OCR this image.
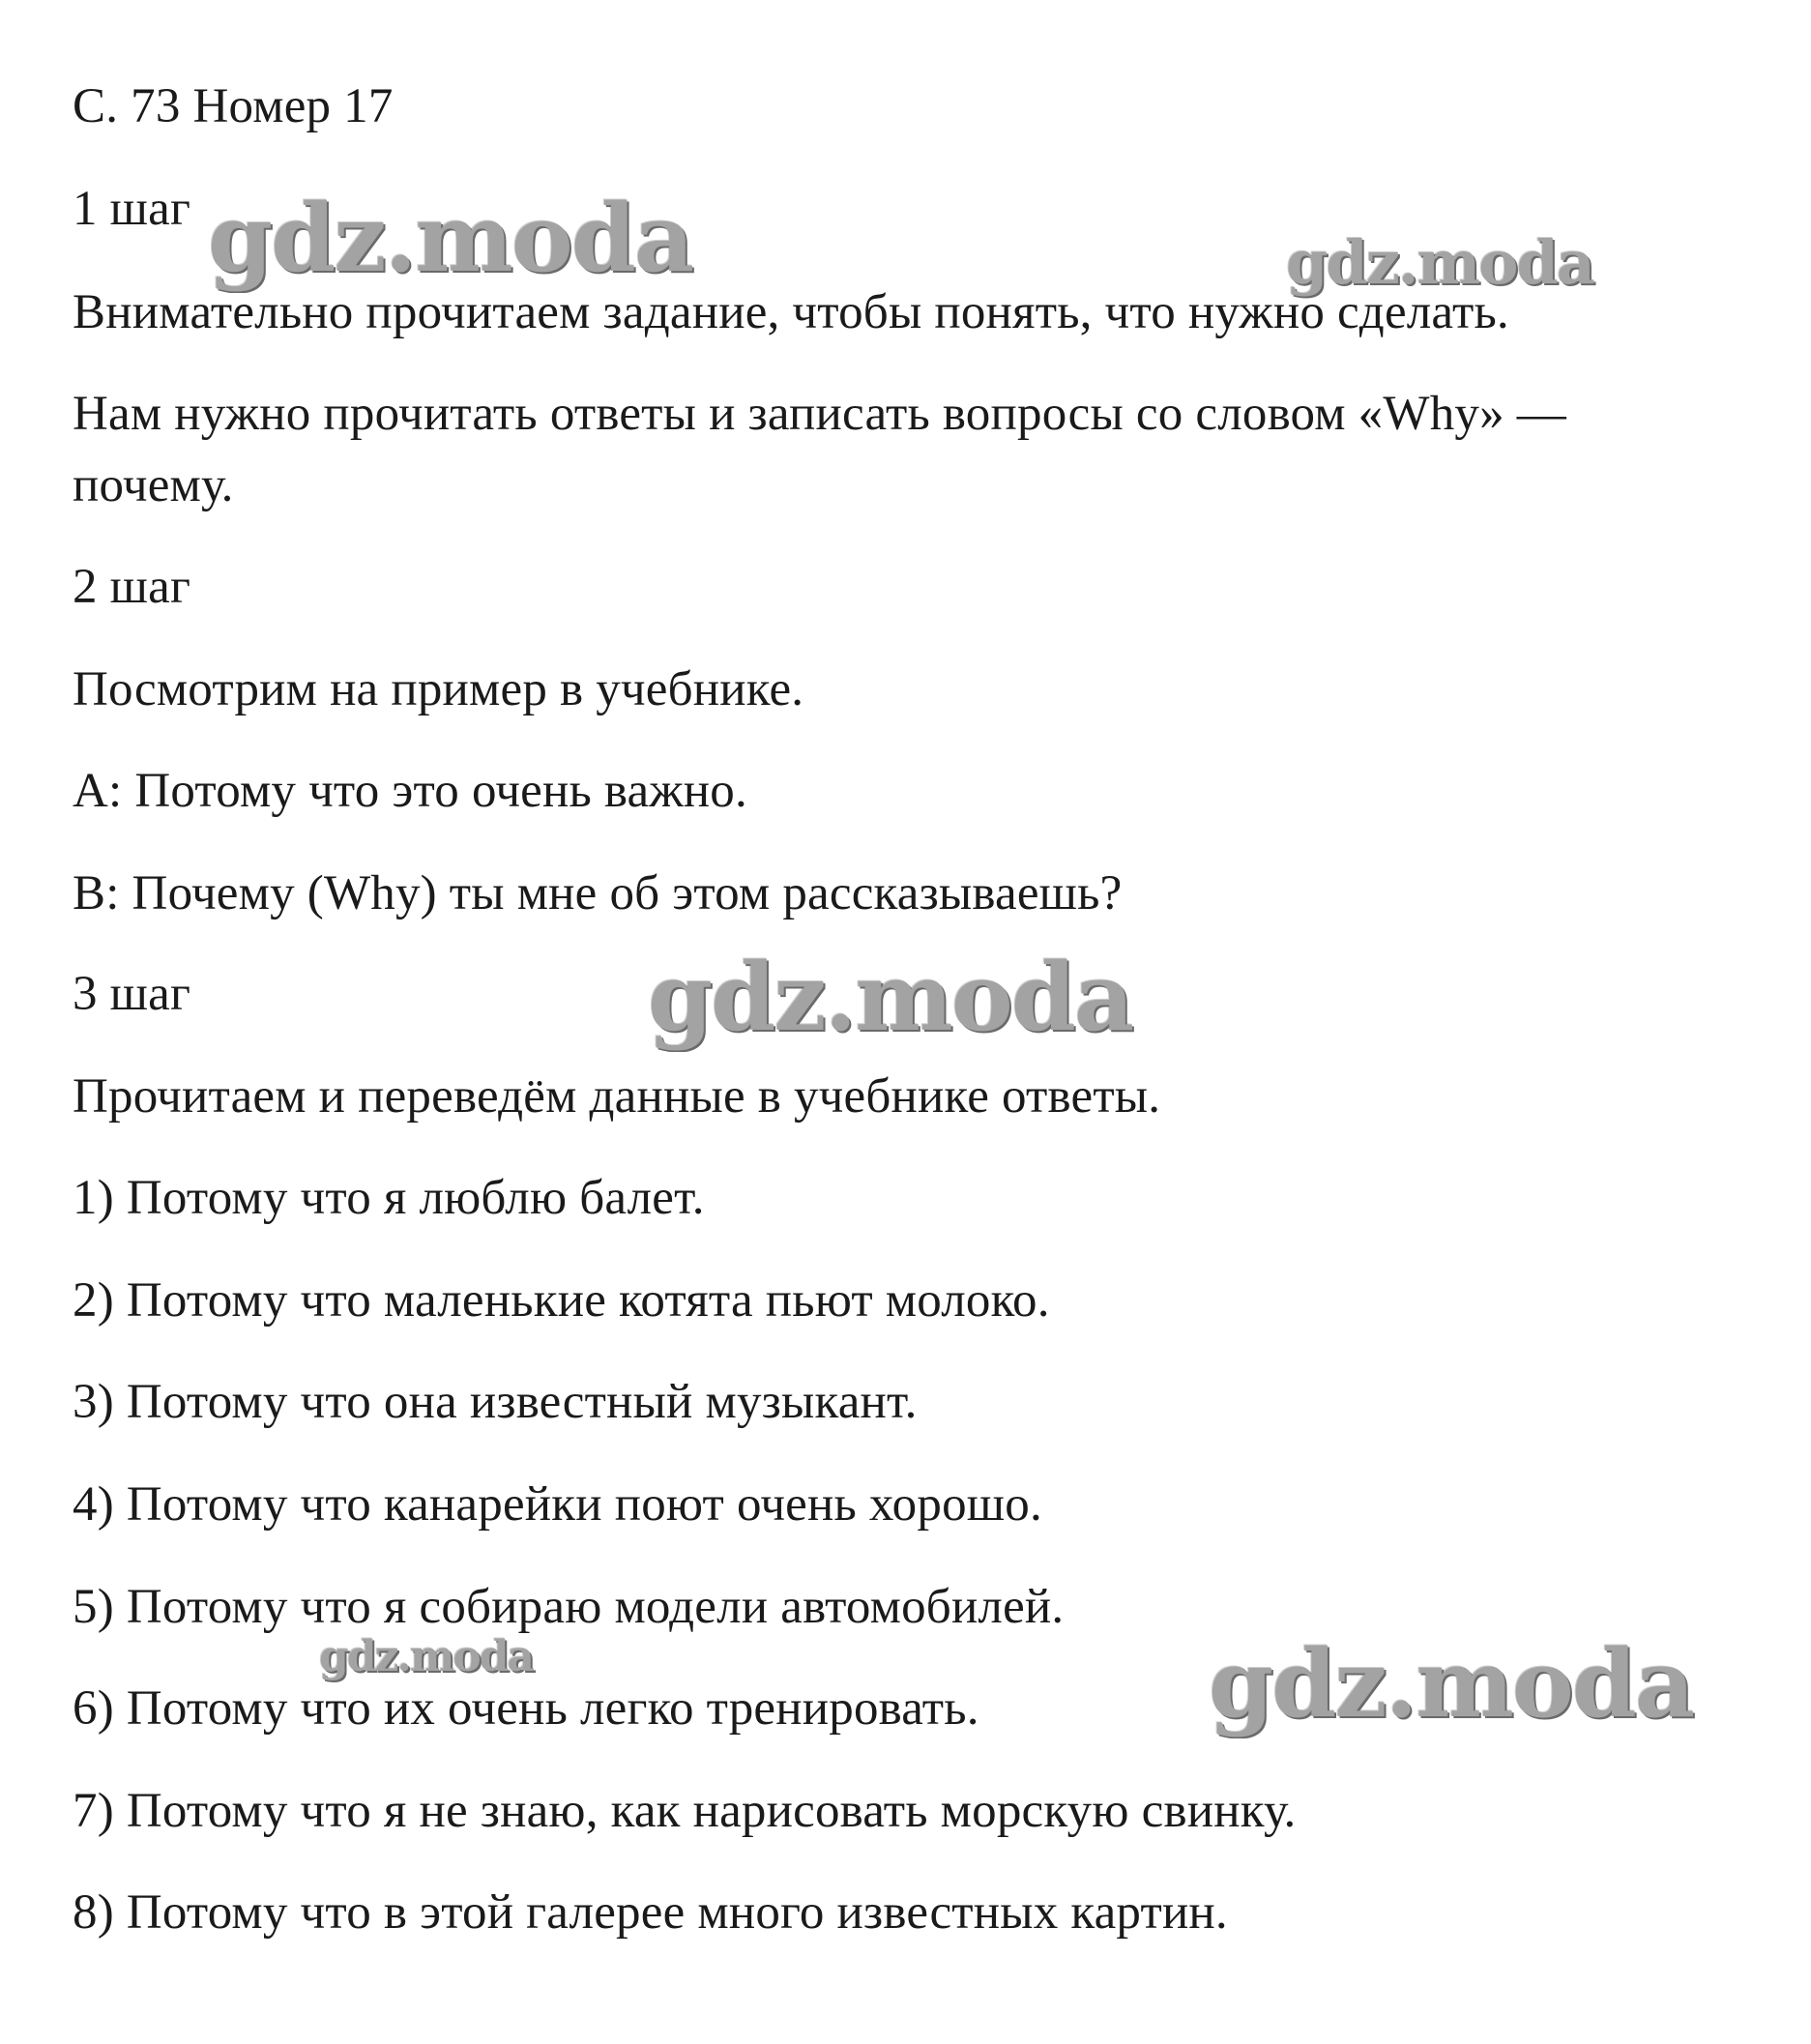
С. 73 Номер 17
1 шаг
Внимательно прочитаем задание, чтобы понять, что нужно сделать.
Нам нужно прочитать ответы и записать вопросы со словом «Why» —
почему.
2 шаг
Посмотрим на пример в учебнике.
A: Потому что это очень важно.
B: Почему (Why) ты мне об этом рассказываешь?
3 шаг
Прочитаем и переведём данные в учебнике ответы.
1) Потому что я люблю балет.
2) Потому что маленькие котята пьют молоко.
3) Потому что она известный музыкант.
4) Потому что канарейки поют очень хорошо.
5) Потому что я собираю модели автомобилей.
6) Потому что их очень легко тренировать.
7) Потому что я не знаю, как нарисовать морскую свинку.
8) Потому что в этой галерее много известных картин.
gdz.moda	gdz.moda
gdz.moda
gdz.moda	gdz.moda
